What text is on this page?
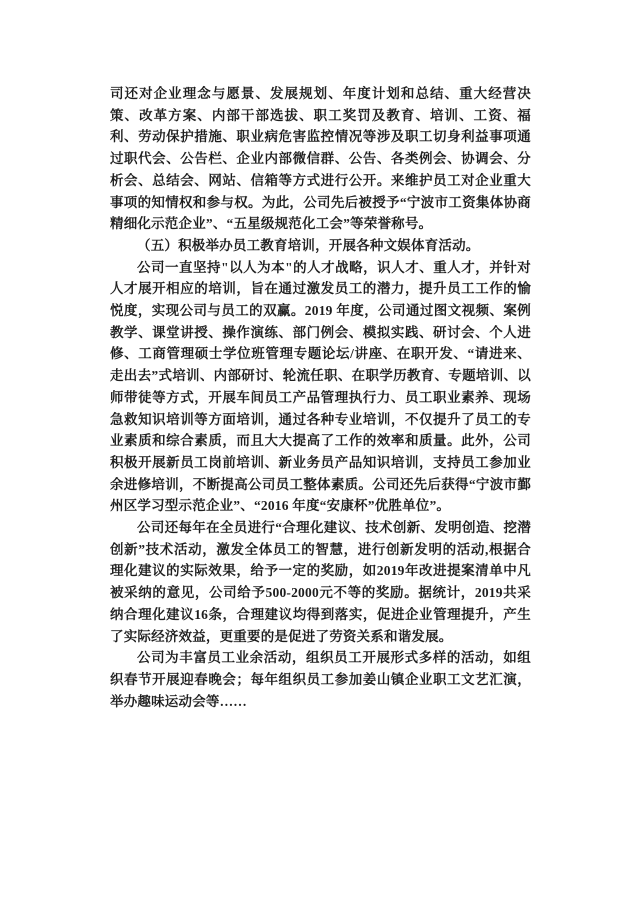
司还对企业理念与愿景、发展规划、年度计划和总结、重大经营决策、改革方案、内部干部选拔、职工奖罚及教育、培训、工资、福利、劳动保护措施、职业病危害监控情况等涉及职工切身利益事项通过职代会、公告栏、企业内部微信群、公告、各类例会、协调会、分析会、总结会、网站、信箱等方式进行公开。来维护员工对企业重大事项的知情权和参与权。为此，公司先后被授予“宁波市工资集体协商精细化示范企业”、“五星级规范化工会”等荣誉称号。

（五）积极举办员工教育培训，开展各种文娱体育活动。

公司一直坚持"以人为本"的人才战略，识人才、重人才，并针对人才展开相应的培训，旨在通过激发员工的潜力，提升员工工作的愉悦度，实现公司与员工的双赢。2019 年度，公司通过图文视频、案例教学、课堂讲授、操作演练、部门例会、模拟实践、研讨会、个人进修、工商管理硕士学位班管理专题论坛/讲座、在职开发、“请进来、走出去”式培训、内部研讨、轮流任职、在职学历教育、专题培训、以师带徒等方式，开展车间员工产品管理执行力、员工职业素养、现场急救知识培训等方面培训，通过各种专业培训，不仅提升了员工的专业素质和综合素质，而且大大提高了工作的效率和质量。此外，公司积极开展新员工岗前培训、新业务员产品知识培训，支持员工参加业余进修培训，不断提高公司员工整体素质。公司还先后获得“宁波市鄞州区学习型示范企业”、“2016 年度“安康杯”优胜单位”。

公司还每年在全员进行“合理化建议、技术创新、发明创造、挖潜创新”技术活动，激发全体员工的智慧，进行创新发明的活动,根据合理化建议的实际效果，给予一定的奖励，如2019年改进提案清单中凡被采纳的意见，公司给予500-2000元不等的奖励。据统计，2019共采纳合理化建议16条，合理建议均得到落实，促进企业管理提升，产生了实际经济效益，更重要的是促进了劳资关系和谐发展。

公司为丰富员工业余活动，组织员工开展形式多样的活动，如组织春节开展迎春晚会；每年组织员工参加姜山镇企业职工文艺汇演，举办趣味运动会等……
